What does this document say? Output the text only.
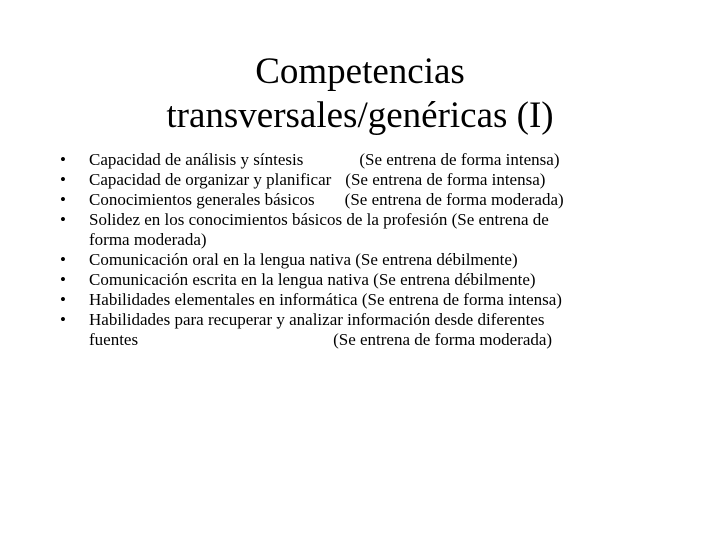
Competencias
transversales/genéricas (I)
• Capacidad de análisis y síntesis	(Se entrena de forma intensa)
• Capacidad de organizar y planificar (Se entrena de forma intensa)
• Conocimientos generales básicos (Se entrena de forma moderada)
• Solidez en los conocimientos básicos de la profesión (Se entrena de
forma moderada)
• Comunicación oral en la lengua nativa (Se entrena débilmente)
• Comunicación escrita en la lengua nativa (Se entrena débilmente)
• Habilidades elementales en informática (Se entrena de forma intensa)
• Habilidades para recuperar y analizar información desde diferentes
fuentes	(Se entrena de forma moderada)
